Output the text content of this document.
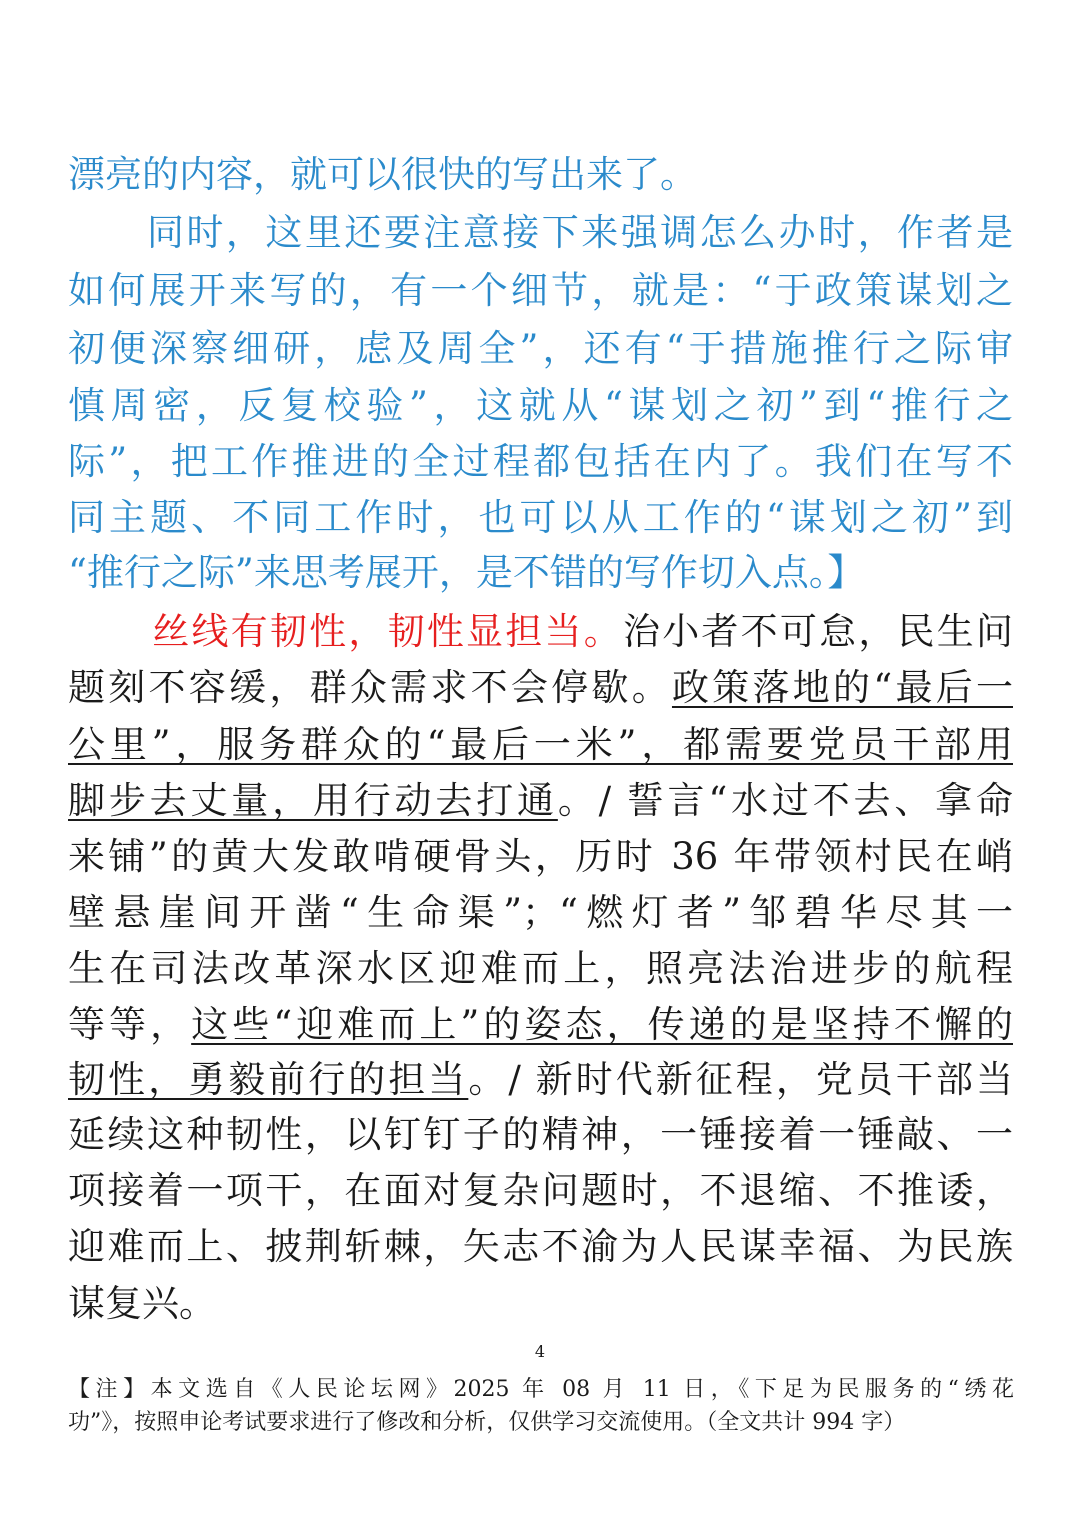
漂亮的内容，就可以很快的写出来了。
　　同时，这里还要注意接下来强调怎么办时，作者是
如何展开来写的，有一个细节，就是：“于政策谋划之
初便深察细研，虑及周全”，还有“于措施推行之际审
慎周密，反复校验”，这就从“谋划之初”到“推行之
际”，把工作推进的全过程都包括在内了。我们在写不
同主题、不同工作时，也可以从工作的“谋划之初”到
“推行之际”来思考展开，是不错的写作切入点。】
丝线有韧性，韧性显担当。治小者不可怠，民生问
题刻不容缓，群众需求不会停歇。政策落地的“最后一
公里”，服务群众的“最后一米”，都需要党员干部用
脚步去丈量，用行动去打通。/ 誓言“水过不去、拿命
来铺”的黄大发敢啃硬骨头，历时 36 年带领村民在峭
壁悬崖间开凿“生命渠”；“燃灯者”邹碧华尽其一
生在司法改革深水区迎难而上，照亮法治进步的航程
等等，这些“迎难而上”的姿态，传递的是坚持不懈的
韧性，勇毅前行的担当。/ 新时代新征程，党员干部当
延续这种韧性，以钉钉子的精神，一锤接着一锤敲、一
项接着一项干，在面对复杂问题时，不退缩、不推诿，
迎难而上、披荆斩棘，矢志不渝为人民谋幸福、为民族
谋复兴。
4
【注】本文选自《人民论坛网》2025 年 08 月 11 日，《下足为民服务的“绣花
功”》，按照申论考试要求进行了修改和分析，仅供学习交流使用。（全文共计 994 字）
